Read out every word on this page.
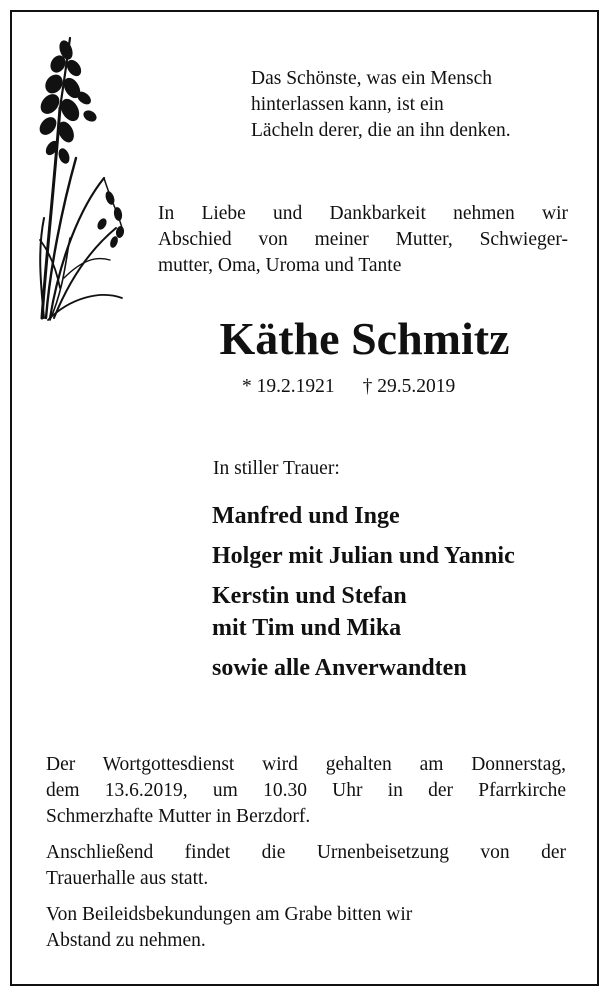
Das Schönste, was ein Mensch
hinterlassen kann, ist ein
Lächeln derer, die an ihn denken.
In Liebe und Dankbarkeit nehmen wir
Abschied von meiner Mutter, Schwieger-
mutter, Oma, Uroma und Tante
Käthe Schmitz
* 19.2.1921 † 29.5.2019

In stiller Trauer:

Manfred und Inge
Holger mit Julian und Yannic
Kerstin und Stefan
mit Tim und Mika
sowie alle Anverwandten

Der Wortgottesdienst wird gehalten am Donnerstag,
dem 13.6.2019, um 10.30 Uhr in der Pfarrkirche
Schmerzhafte Mutter in Berzdorf.

Anschließend findet die Urnenbeisetzung von der
Trauerhalle aus statt.

Von Beileidsbekundungen am Grabe bitten wir
Abstand zu nehmen.
